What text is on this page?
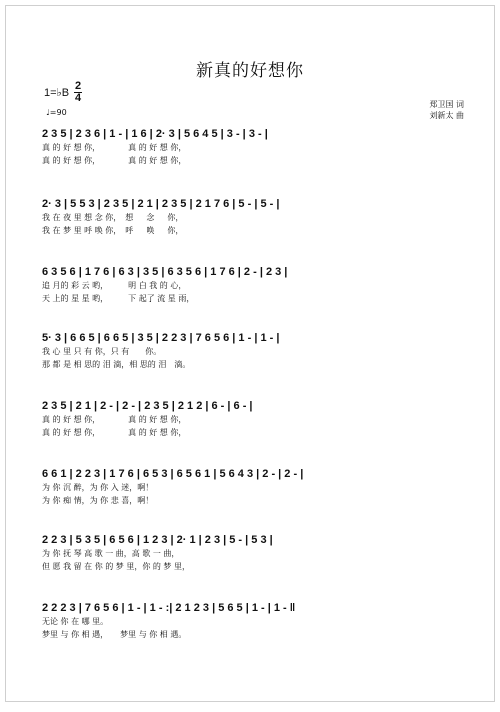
新真的好想你
1=♭B
2
4
♩=90
郑卫国 词
刘新太 曲
2 3 5 | 2 3 6 | 1 - | 1 6 | 2· 3 | 5 6 4 5 | 3 - | 3 - |
真 的 好 想 你，　　　　真 的 好 想 你，
真 的 好 想 你，　　　　真 的 好 想 你，
2· 3 | 5 5 3 | 2 3 5 | 2 1 | 2 3 5 | 2 1 7 6 | 5 - | 5 - |
我 在 夜 里 想 念 你，　想 　 念 　 你，
我 在 梦 里 呼 唤 你，　呼 　 唤 　 你，
6 3 5 6 | 1 7 6 | 6 3 | 3 5 | 6 3 5 6 | 1 7 6 | 2 - | 2 3 |
追 月的 彩 云 哟，　　　明 白 我 的 心，
天 上的 星 星 哟，　　　下 起了 流 星 雨，
5· 3 | 6 6 5 | 6 6 5 | 3 5 | 2 2 3 | 7 6 5 6 | 1 - | 1 - |
我 心 里 只 有 你，只 有　　你。
那 都 是 相 思的 泪 滴，相 思的 泪　滴。
2 3 5 | 2 1 | 2 - | 2 - | 2 3 5 | 2 1 2 | 6 - | 6 - |
真 的 好 想 你，　　　　真 的 好 想 你，
真 的 好 想 你，　　　　真 的 好 想 你，
6 6 1 | 2 2 3 | 1 7 6 | 6 5 3 | 6 5 6 1 | 5 6 4 3 | 2 - | 2 - |
为 你 沉 醉，为 你 入 迷，啊！
为 你 痴 情，为 你 悲 喜，啊！
2 2 3 | 5 3 5 | 6 5 6 | 1 2 3 | 2· 1 | 2 3 | 5 - | 5 3 |
为 你 抚 琴 高 歌 一 曲，高 歌 一 曲，
但 愿 我 留 在 你 的 梦 里，你 的 梦 里，
2 2 2 3 | 7 6 5 6 | 1 - | 1 - :| 2 1 2 3 | 5 6 5 | 1 - | 1 - ‖
无论 你 在 哪 里。
梦里 与 你 相 遇，　　梦里 与 你 相 遇。
